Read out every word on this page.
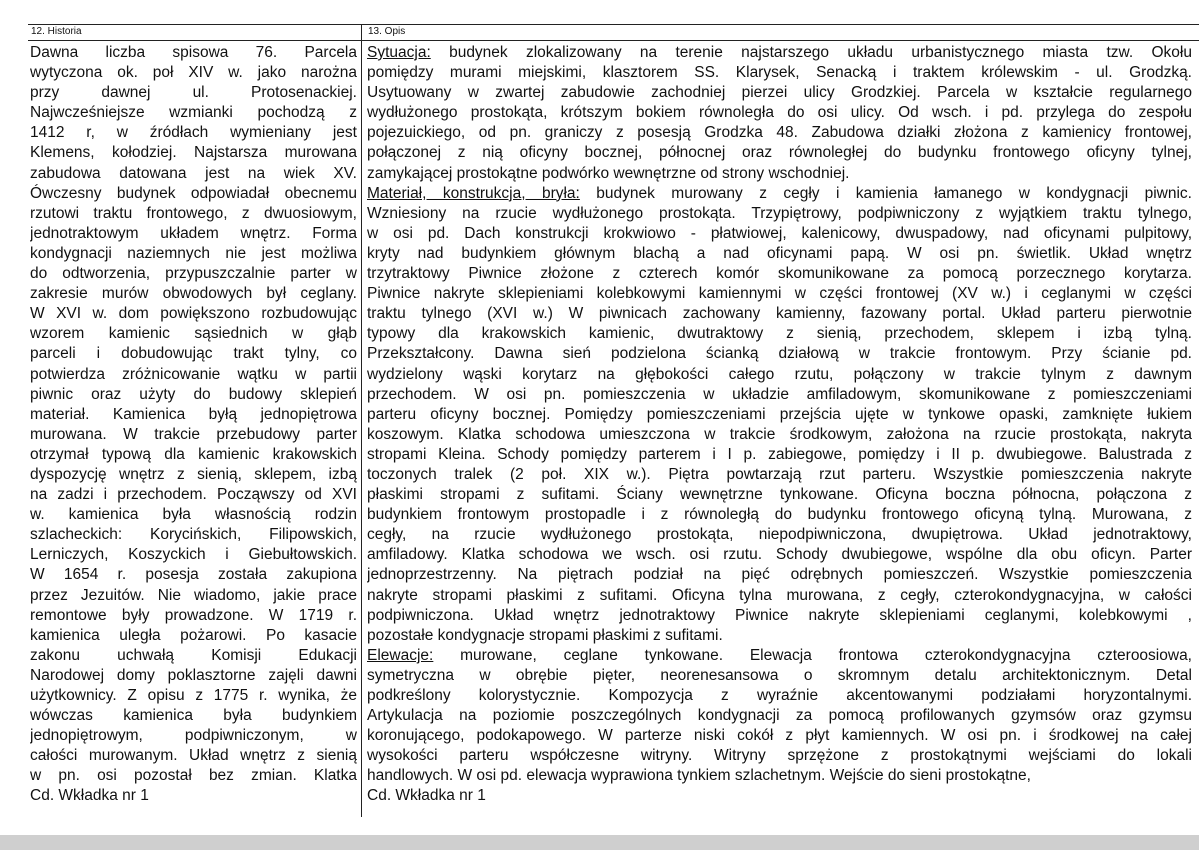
12. Historia	13. Opis
Dawna liczba spisowa 76. Parcela
wytyczona ok. poł XIV w. jako narożna
przy dawnej ul. Protosenackiej.
Najwcześniejsze wzmianki pochodzą z
1412 r, w źródłach wymieniany jest
Klemens, kołodziej. Najstarsza murowana
zabudowa datowana jest na wiek XV.
Ówczesny budynek odpowiadał obecnemu
rzutowi traktu frontowego, z dwuosiowym,
jednotraktowym układem wnętrz. Forma
kondygnacji naziemnych nie jest możliwa
do odtworzenia, przypuszczalnie parter w
zakresie murów obwodowych był ceglany.
W XVI w. dom powiększono rozbudowując
wzorem kamienic sąsiednich w głąb
parceli i dobudowując trakt tylny, co
potwierdza zróżnicowanie wątku w partii
piwnic oraz użyty do budowy sklepień
materiał. Kamienica byłą jednopiętrowa
murowana. W trakcie przebudowy parter
otrzymał typową dla kamienic krakowskich
dyspozycję wnętrz z sienią, sklepem, izbą
na zadzi i przechodem. Począwszy od XVI
w. kamienica była własnością rodzin
szlacheckich: Korycińskich, Filipowskich,
Lerniczych, Koszyckich i Giebułtowskich.
W 1654 r. posesja została zakupiona
przez Jezuitów. Nie wiadomo, jakie prace
remontowe były prowadzone. W 1719 r.
kamienica uległa pożarowi. Po kasacie
zakonu uchwałą Komisji Edukacji
Narodowej domy poklasztorne zajęli dawni
użytkownicy. Z opisu z 1775 r. wynika, że
wówczas kamienica była budynkiem
jednopiętrowym, podpiwniczonym, w
całości murowanym. Układ wnętrz z sienią
w pn. osi pozostał bez zmian. Klatka
Cd. Wkładka nr 1
Sytuacja: budynek zlokalizowany na terenie najstarszego układu urbanistycznego miasta tzw. Okołu
pomiędzy murami miejskimi, klasztorem SS. Klarysek, Senacką i traktem królewskim - ul. Grodzką.
Usytuowany w zwartej zabudowie zachodniej pierzei ulicy Grodzkiej. Parcela w kształcie regularnego
wydłużonego prostokąta, krótszym bokiem równoległa do osi ulicy. Od wsch. i pd. przylega do zespołu
pojezuickiego, od pn. graniczy z posesją Grodzka 48. Zabudowa działki złożona z kamienicy frontowej,
połączonej z nią oficyny bocznej, północnej oraz równoległej do budynku frontowego oficyny tylnej,
zamykającej prostokątne podwórko wewnętrzne od strony wschodniej.
Materiał, konstrukcja, bryła: budynek murowany z cegły i kamienia łamanego w kondygnacji piwnic.
Wzniesiony na rzucie wydłużonego prostokąta. Trzypiętrowy, podpiwniczony z wyjątkiem traktu tylnego,
w osi pd. Dach konstrukcji krokwiowo - płatwiowej, kalenicowy, dwuspadowy, nad oficynami pulpitowy,
kryty nad budynkiem głównym blachą a nad oficynami papą. W osi pn. świetlik. Układ wnętrz
trzytraktowy Piwnice złożone z czterech komór skomunikowane za pomocą porzecznego korytarza.
Piwnice nakryte sklepieniami kolebkowymi kamiennymi w części frontowej (XV w.) i ceglanymi w części
traktu tylnego (XVI w.) W piwnicach zachowany kamienny, fazowany portal. Układ parteru pierwotnie
typowy dla krakowskich kamienic, dwutraktowy z sienią, przechodem, sklepem i izbą tylną.
Przekształcony. Dawna sień podzielona ścianką działową w trakcie frontowym. Przy ścianie pd.
wydzielony wąski korytarz na głębokości całego rzutu, połączony w trakcie tylnym z dawnym
przechodem. W osi pn. pomieszczenia w układzie amfiladowym, skomunikowane z pomieszczeniami
parteru oficyny bocznej. Pomiędzy pomieszczeniami przejścia ujęte w tynkowe opaski, zamknięte łukiem
koszowym. Klatka schodowa umieszczona w trakcie środkowym, założona na rzucie prostokąta, nakryta
stropami Kleina. Schody pomiędzy parterem i I p. zabiegowe, pomiędzy i II p. dwubiegowe. Balustrada z
toczonych tralek (2 poł. XIX w.). Piętra powtarzają rzut parteru. Wszystkie pomieszczenia nakryte
płaskimi stropami z sufitami. Ściany wewnętrzne tynkowane. Oficyna boczna północna, połączona z
budynkiem frontowym prostopadle i z równoległą do budynku frontowego oficyną tylną. Murowana, z
cegły, na rzucie wydłużonego prostokąta, niepodpiwniczona, dwupiętrowa. Układ jednotraktowy,
amfiladowy. Klatka schodowa we wsch. osi rzutu. Schody dwubiegowe, wspólne dla obu oficyn. Parter
jednoprzestrzenny. Na piętrach podział na pięć odrębnych pomieszczeń. Wszystkie pomieszczenia
nakryte stropami płaskimi z sufitami. Oficyna tylna murowana, z cegły, czterokondygnacyjna, w całości
podpiwniczona. Układ wnętrz jednotraktowy Piwnice nakryte sklepieniami ceglanymi, kolebkowymi ,
pozostałe kondygnacje stropami płaskimi z sufitami.
Elewacje: murowane, ceglane tynkowane. Elewacja frontowa czterokondygnacyjna czteroosiowa,
symetryczna w obrębie pięter, neorenesansowa o skromnym detalu architektonicznym. Detal
podkreślony kolorystycznie. Kompozycja z wyraźnie akcentowanymi podziałami horyzontalnymi.
Artykulacja na poziomie poszczególnych kondygnacji za pomocą profilowanych gzymsów oraz gzymsu
koronującego, podokapowego. W parterze niski cokół z płyt kamiennych. W osi pn. i środkowej na całej
wysokości parteru współczesne witryny. Witryny sprzężone z prostokątnymi wejściami do lokali
handlowych. W osi pd. elewacja wyprawiona tynkiem szlachetnym. Wejście do sieni prostokątne,
Cd. Wkładka nr 1
